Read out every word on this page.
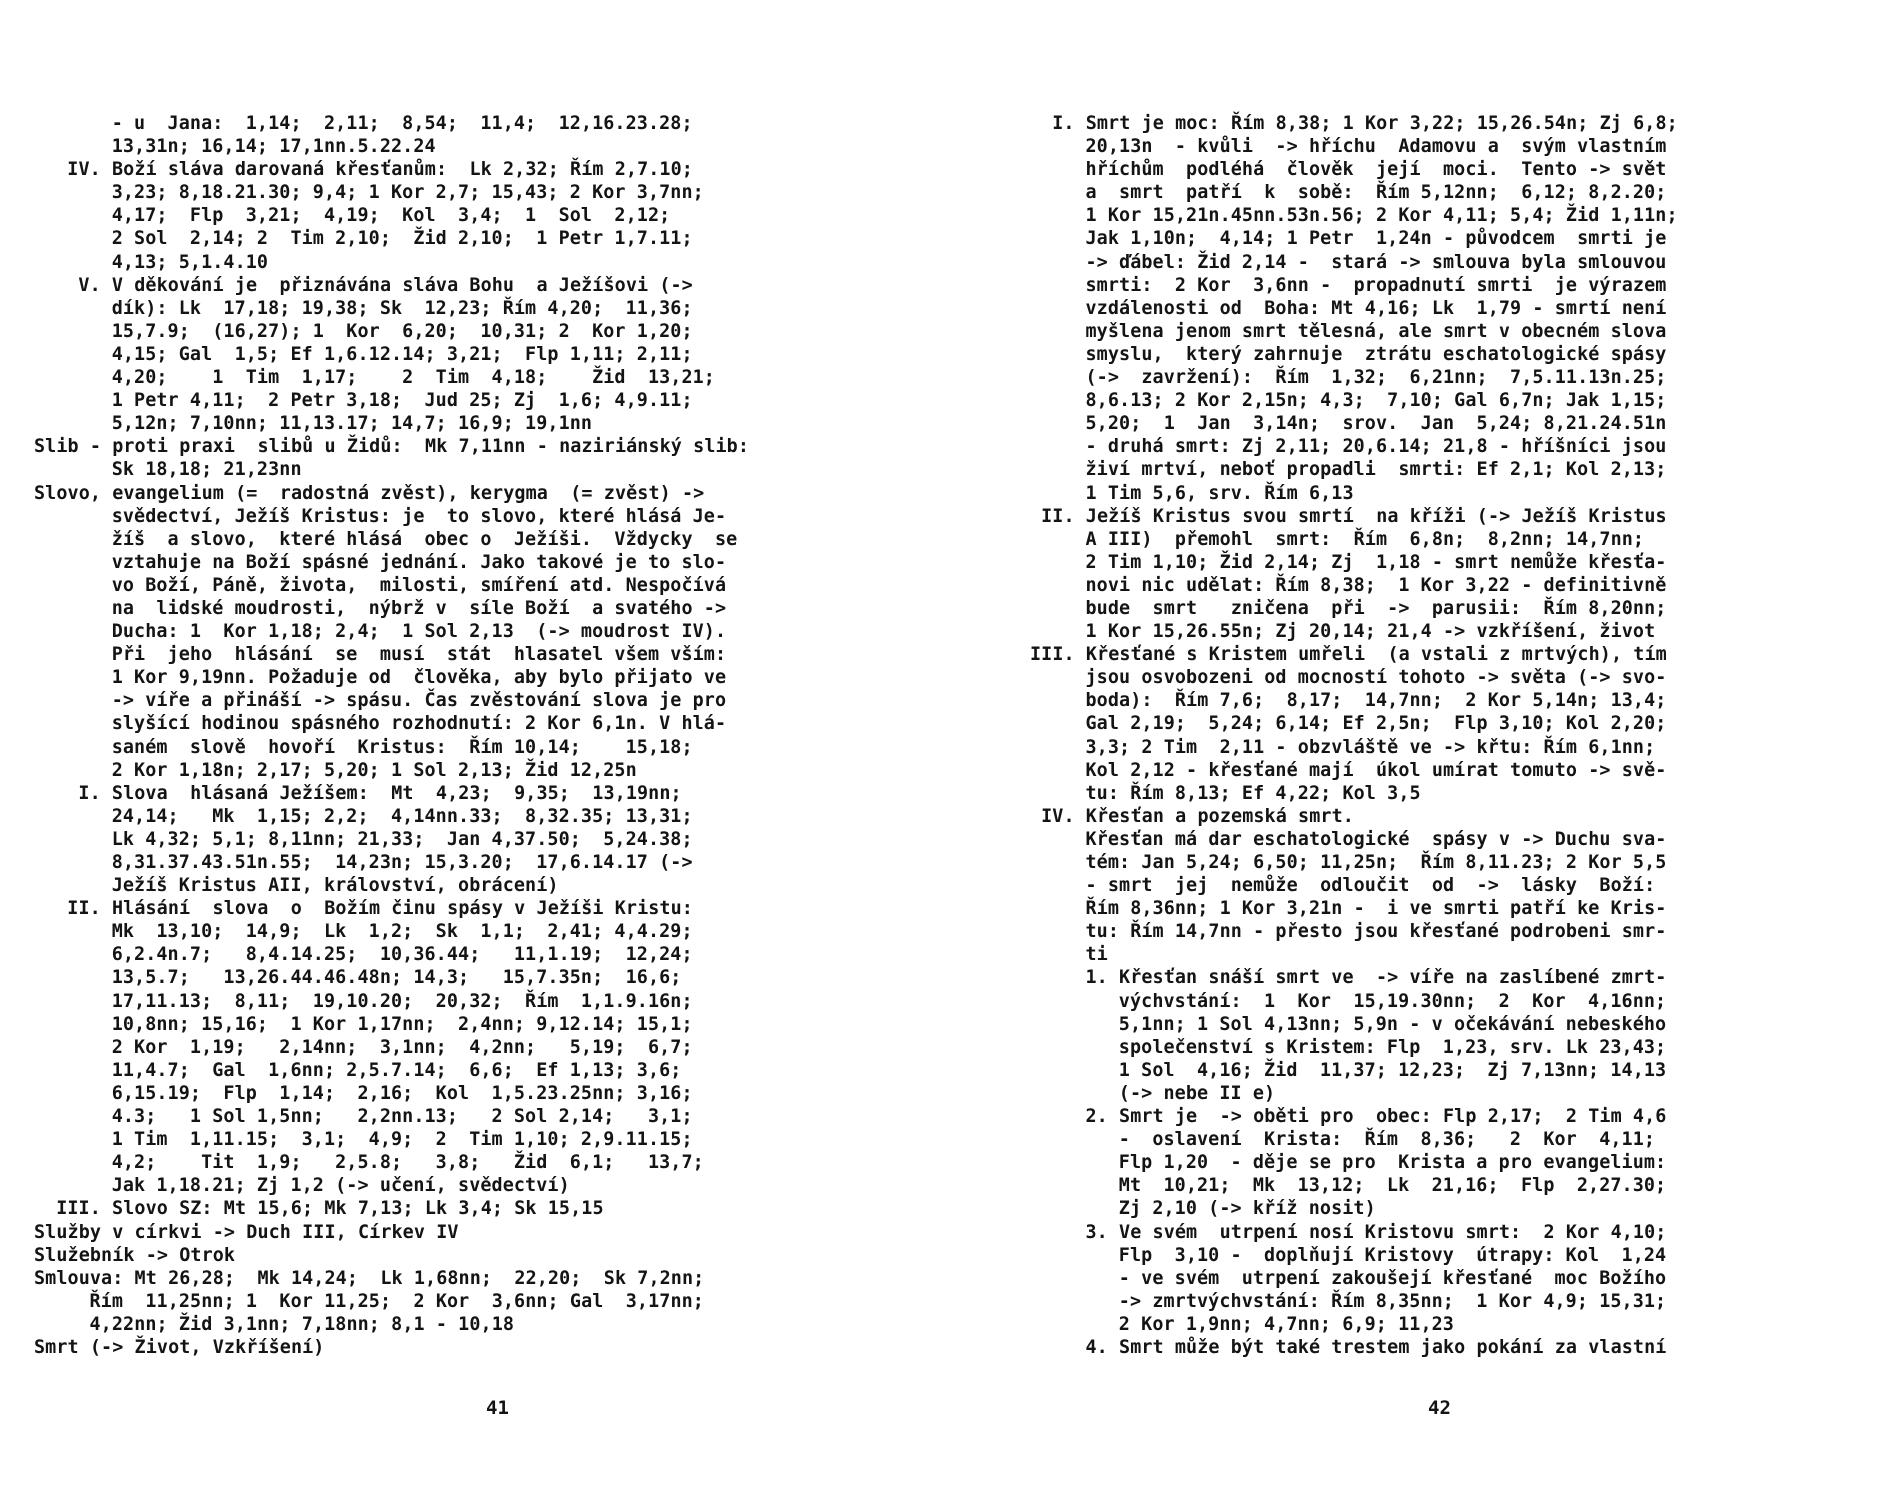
- u  Jana:  1,14;  2,11;  8,54;  11,4;  12,16.23.28;
13,31n; 16,14; 17,1nn.5.22.24
IV. Boží sláva darovaná křesťanům:  Lk 2,32; Řím 2,7.10;
3,23; 8,18.21.30; 9,4; 1 Kor 2,7; 15,43; 2 Kor 3,7nn;
4,17;  Flp  3,21;  4,19;  Kol  3,4;  1  Sol  2,12;
2 Sol  2,14; 2  Tim 2,10;  Žid 2,10;  1 Petr 1,7.11;
4,13; 5,1.4.10
V. V děkování je  přiznávána sláva Bohu  a Ježíšovi (->
dík): Lk  17,18; 19,38; Sk  12,23; Řím 4,20;  11,36;
15,7.9;  (16,27); 1  Kor  6,20;  10,31; 2  Kor 1,20;
4,15; Gal  1,5; Ef 1,6.12.14; 3,21;  Flp 1,11; 2,11;
4,20;    1  Tim  1,17;    2  Tim  4,18;    Žid  13,21;
1 Petr 4,11;  2 Petr 3,18;  Jud 25; Zj  1,6; 4,9.11;
5,12n; 7,10nn; 11,13.17; 14,7; 16,9; 19,1nn
Slib - proti praxi  slibů u Židů:  Mk 7,11nn - naziriánský slib:
Sk 18,18; 21,23nn
Slovo, evangelium (=  radostná zvěst), kerygma  (= zvěst) ->
svědectví, Ježíš Kristus: je  to slovo, které hlásá Je-
žíš  a slovo,  které hlásá  obec o  Ježíši.  Vždycky  se
vztahuje na Boží spásné jednání. Jako takové je to slo-
vo Boží, Páně, života,  milosti, smíření atd. Nespočívá
na  lidské moudrosti,  nýbrž v  síle Boží  a svatého ->
Ducha: 1  Kor 1,18; 2,4;  1 Sol 2,13  (-> moudrost IV).
Při  jeho  hlásání  se  musí  stát  hlasatel všem vším:
1 Kor 9,19nn. Požaduje od  člověka, aby bylo přijato ve
-> víře a přináší -> spásu. Čas zvěstování slova je pro
slyšící hodinou spásného rozhodnutí: 2 Kor 6,1n. V hlá-
saném  slově  hovoří  Kristus:  Řím 10,14;    15,18;
2 Kor 1,18n; 2,17; 5,20; 1 Sol 2,13; Žid 12,25n
I. Slova  hlásaná Ježíšem:  Mt  4,23;  9,35;  13,19nn;
24,14;   Mk  1,15; 2,2;  4,14nn.33;  8,32.35; 13,31;
Lk 4,32; 5,1; 8,11nn; 21,33;  Jan 4,37.50;  5,24.38;
8,31.37.43.51n.55;  14,23n; 15,3.20;  17,6.14.17 (->
Ježíš Kristus AII, království, obrácení)
II. Hlásání  slova  o  Božím činu spásy v Ježíši Kristu:
Mk  13,10;  14,9;  Lk  1,2;  Sk  1,1;  2,41; 4,4.29;
6,2.4n.7;   8,4.14.25;  10,36.44;   11,1.19;  12,24;
13,5.7;   13,26.44.46.48n; 14,3;   15,7.35n;  16,6;
17,11.13;  8,11;  19,10.20;  20,32;  Řím  1,1.9.16n;
10,8nn; 15,16;  1 Kor 1,17nn;  2,4nn; 9,12.14; 15,1;
2 Kor  1,19;   2,14nn;  3,1nn;  4,2nn;   5,19;  6,7;
11,4.7;  Gal  1,6nn; 2,5.7.14;  6,6;  Ef 1,13; 3,6;
6,15.19;  Flp  1,14;  2,16;  Kol  1,5.23.25nn; 3,16;
4.3;   1 Sol 1,5nn;   2,2nn.13;   2 Sol 2,14;   3,1;
1 Tim  1,11.15;  3,1;  4,9;  2  Tim 1,10; 2,9.11.15;
4,2;    Tit  1,9;   2,5.8;   3,8;   Žid  6,1;   13,7;
Jak 1,18.21; Zj 1,2 (-> učení, svědectví)
III. Slovo SZ: Mt 15,6; Mk 7,13; Lk 3,4; Sk 15,15
Služby v církvi -> Duch III, Církev IV
Služebník -> Otrok
Smlouva: Mt 26,28;  Mk 14,24;  Lk 1,68nn;  22,20;  Sk 7,2nn;
Řím  11,25nn; 1  Kor 11,25;  2 Kor  3,6nn; Gal  3,17nn;
4,22nn; Žid 3,1nn; 7,18nn; 8,1 - 10,18
Smrt (-> Život, Vzkříšení)
I. Smrt je moc: Řím 8,38; 1 Kor 3,22; 15,26.54n; Zj 6,8;
20,13n  - kvůli  -> hříchu  Adamovu a  svým vlastním
hříchům  podléhá  člověk  její  moci.  Tento -> svět
a  smrt  patří  k  sobě:  Řím 5,12nn;  6,12; 8,2.20;
1 Kor 15,21n.45nn.53n.56; 2 Kor 4,11; 5,4; Žid 1,11n;
Jak 1,10n;  4,14; 1 Petr  1,24n - původcem  smrti je
-> ďábel: Žid 2,14 -  stará -> smlouva byla smlouvou
smrti:  2 Kor  3,6nn -  propadnutí smrti  je výrazem
vzdálenosti od  Boha: Mt 4,16; Lk  1,79 - smrtí není
myšlena jenom smrt tělesná, ale smrt v obecném slova
smyslu,  který zahrnuje  ztrátu eschatologické spásy
(->  zavržení):  Řím  1,32;  6,21nn;  7,5.11.13n.25;
8,6.13; 2 Kor 2,15n; 4,3;  7,10; Gal 6,7n; Jak 1,15;
5,20;  1  Jan  3,14n;  srov.  Jan  5,24; 8,21.24.51n
- druhá smrt: Zj 2,11; 20,6.14; 21,8 - hříšníci jsou
živí mrtví, neboť propadli  smrti: Ef 2,1; Kol 2,13;
1 Tim 5,6, srv. Řím 6,13
II. Ježíš Kristus svou smrtí  na kříži (-> Ježíš Kristus
A III)  přemohl  smrt:  Řím  6,8n;  8,2nn; 14,7nn;
2 Tim 1,10; Žid 2,14; Zj  1,18 - smrt nemůže křesťa-
novi nic udělat: Řím 8,38;  1 Kor 3,22 - definitivně
bude  smrt   zničena  při  ->  parusii:  Řím 8,20nn;
1 Kor 15,26.55n; Zj 20,14; 21,4 -> vzkříšení, život
III. Křesťané s Kristem umřeli  (a vstali z mrtvých), tím
jsou osvobozeni od mocností tohoto -> světa (-> svo-
boda):  Řím 7,6;  8,17;  14,7nn;  2 Kor 5,14n; 13,4;
Gal 2,19;  5,24; 6,14; Ef 2,5n;  Flp 3,10; Kol 2,20;
3,3; 2 Tim  2,11 - obzvláště ve -> křtu: Řím 6,1nn;
Kol 2,12 - křesťané mají  úkol umírat tomuto -> svě-
tu: Řím 8,13; Ef 4,22; Kol 3,5
IV. Křesťan a pozemská smrt.
Křesťan má dar eschatologické  spásy v -> Duchu sva-
tém: Jan 5,24; 6,50; 11,25n;  Řím 8,11.23; 2 Kor 5,5
- smrt  jej  nemůže  odloučit  od  ->  lásky  Boží:
Řím 8,36nn; 1 Kor 3,21n -  i ve smrti patří ke Kris-
tu: Řím 14,7nn - přesto jsou křesťané podrobeni smr-
ti
1. Křesťan snáší smrt ve  -> víře na zaslíbené zmrt-
výchvstání:  1  Kor  15,19.30nn;  2  Kor  4,16nn;
5,1nn; 1 Sol 4,13nn; 5,9n - v očekávání nebeského
společenství s Kristem: Flp  1,23, srv. Lk 23,43;
1 Sol  4,16; Žid  11,37; 12,23;  Zj 7,13nn; 14,13
(-> nebe II e)
2. Smrt je  -> oběti pro  obec: Flp 2,17;  2 Tim 4,6
-  oslavení  Krista:  Řím  8,36;   2  Kor  4,11;
Flp 1,20  - děje se pro  Krista a pro evangelium:
Mt  10,21;  Mk  13,12;  Lk  21,16;  Flp  2,27.30;
Zj 2,10 (-> kříž nosit)
3. Ve svém  utrpení nosí Kristovu smrt:  2 Kor 4,10;
Flp  3,10 -  doplňují Kristovy  útrapy: Kol  1,24
- ve svém  utrpení zakoušejí křesťané  moc Božího
-> zmrtvýchvstání: Řím 8,35nn;  1 Kor 4,9; 15,31;
2 Kor 1,9nn; 4,7nn; 6,9; 11,23
4. Smrt může být také trestem jako pokání za vlastní
41	42
